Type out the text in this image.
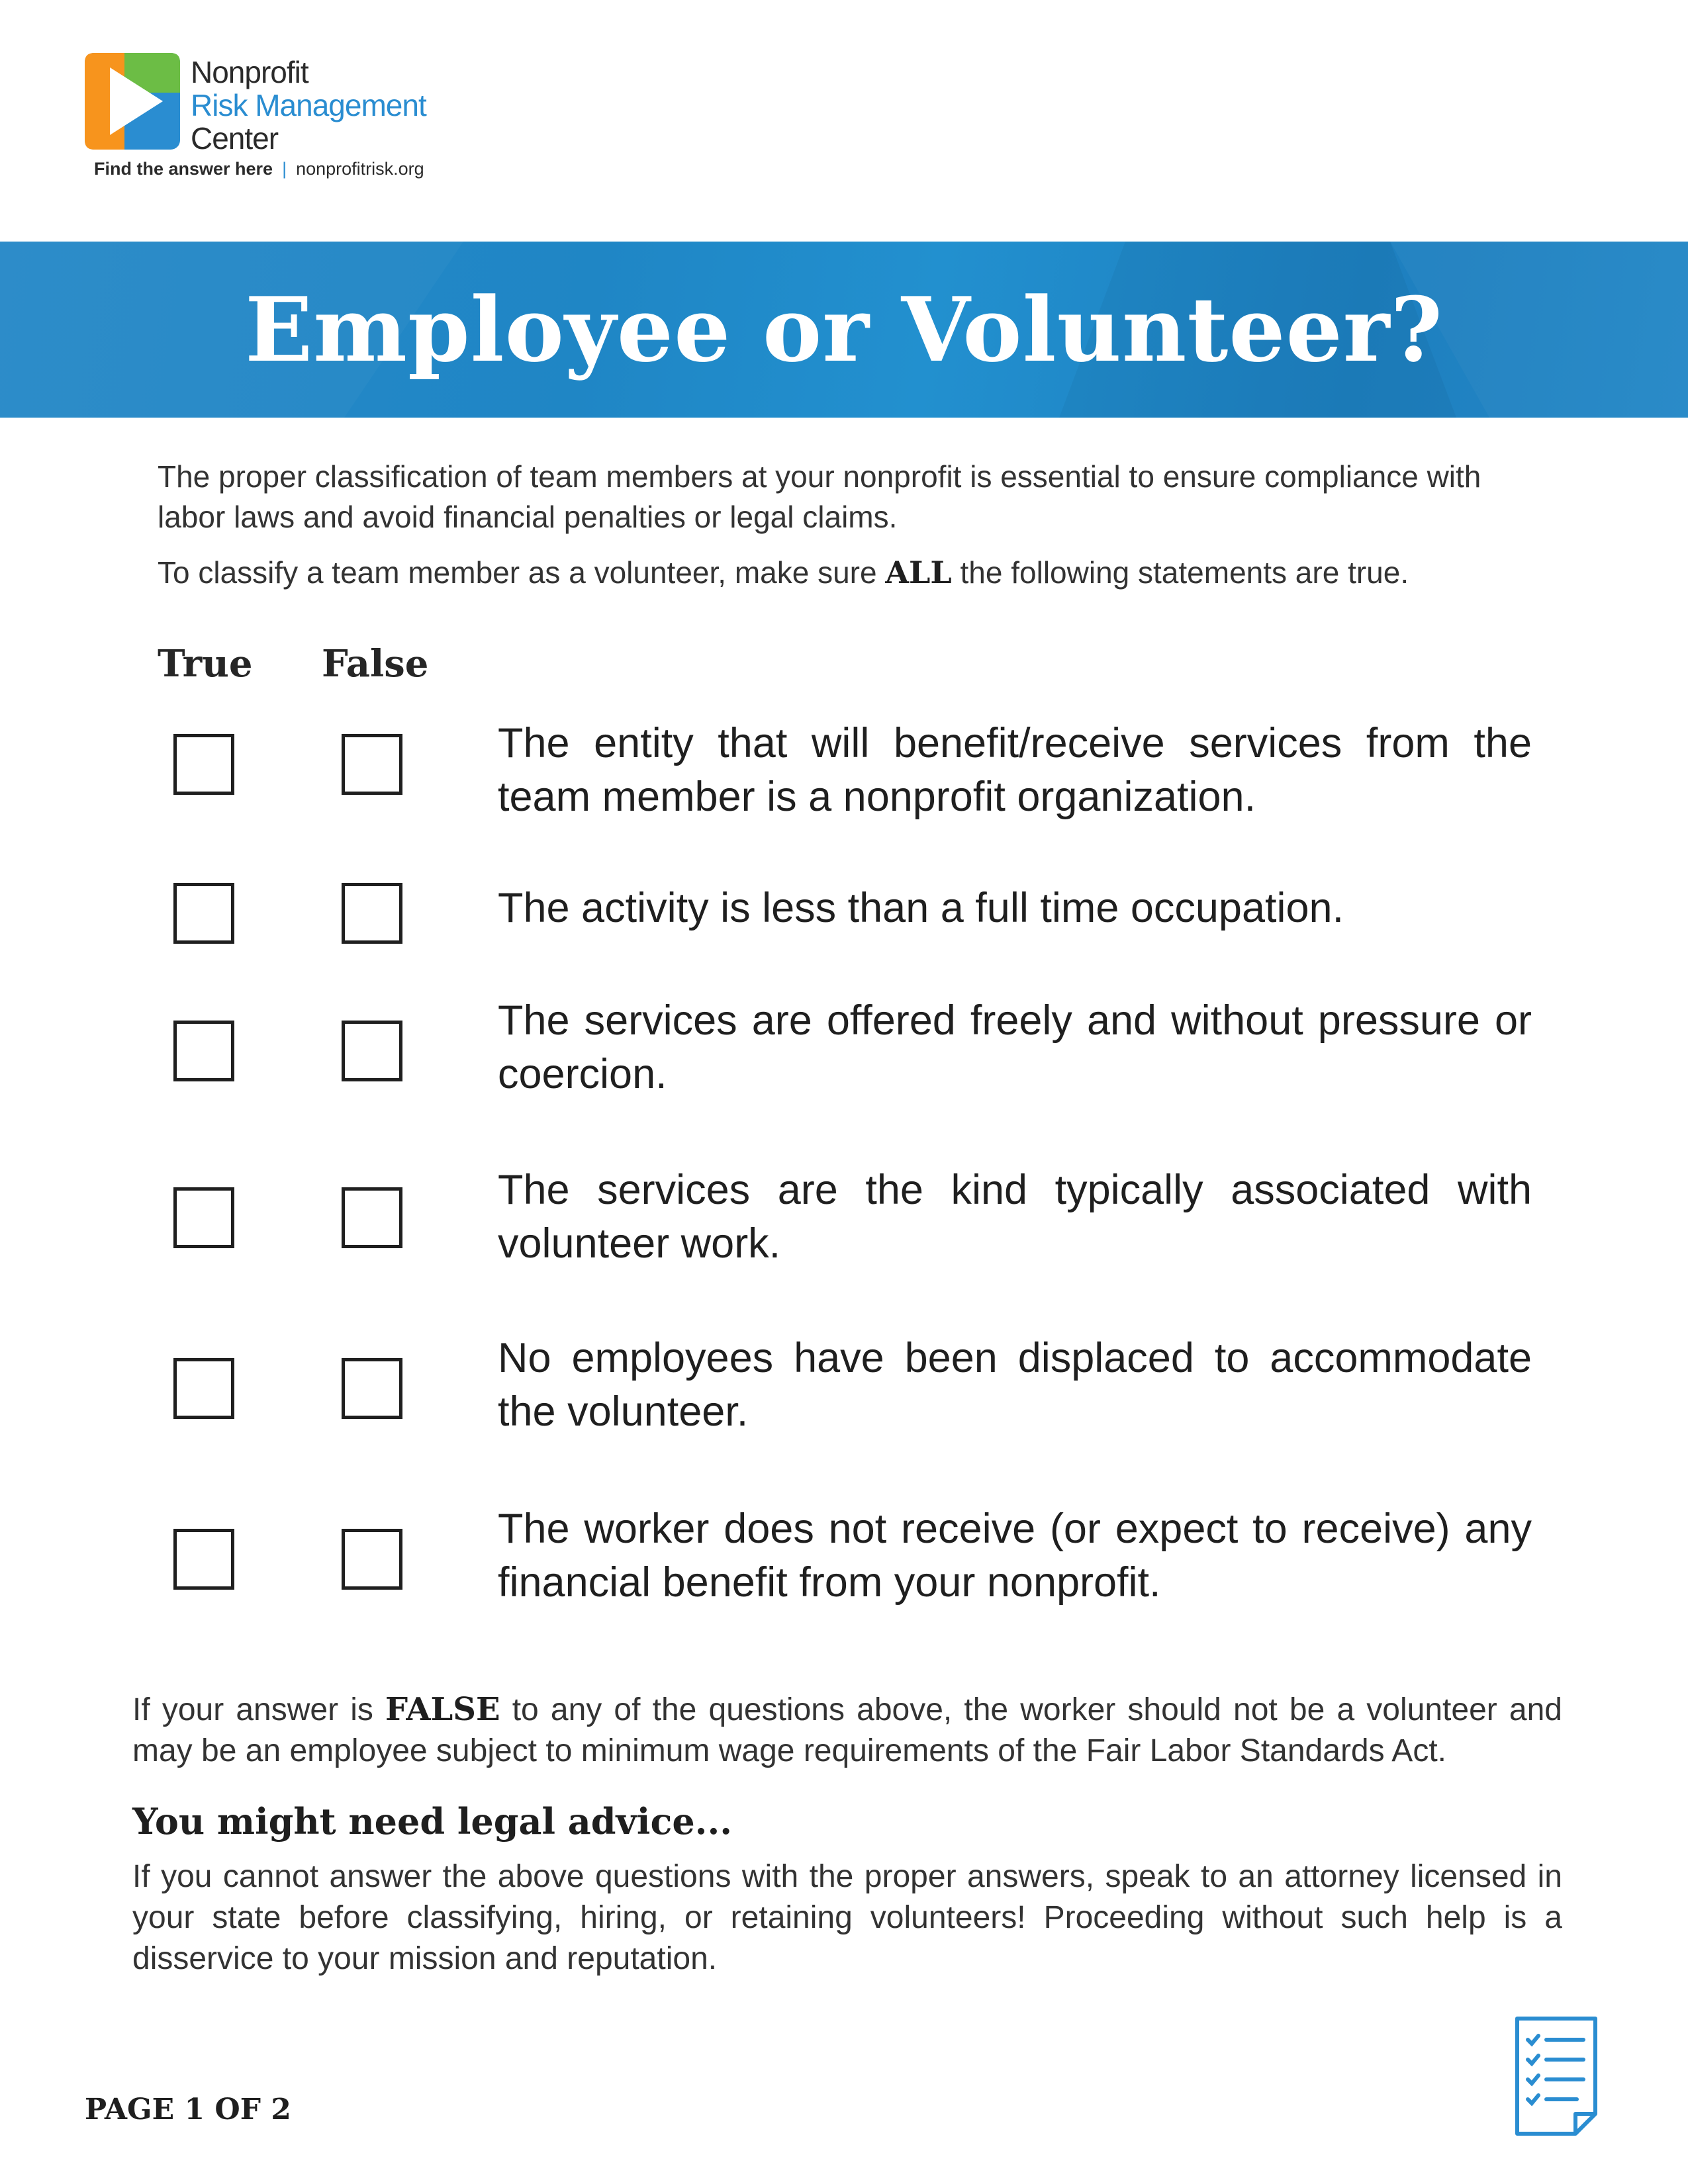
Nonprofit
Risk Management
Center
Find the answer here | nonprofitrisk.org
Employee or Volunteer?

The proper classification of team members at your nonprofit is essential to ensure compliance with labor laws and avoid financial penalties or legal claims.

To classify a team member as a volunteer, make sure ALL the following statements are true.

True False
The entity that will benefit/receive services from the team member is a nonprofit organization.
The activity is less than a full time occupation.
The services are offered freely and without pressure or coercion.
The services are the kind typically associated with volunteer work.
No employees have been displaced to accommodate the volunteer.
The worker does not receive (or expect to receive) any financial benefit from your nonprofit.
If your answer is FALSE to any of the questions above, the worker should not be a volunteer and may be an employee subject to minimum wage requirements of the Fair Labor Standards Act.
You might need legal advice...
If you cannot answer the above questions with the proper answers, speak to an attorney licensed in your state before classifying, hiring, or retaining volunteers! Proceeding without such help is a disservice to your mission and reputation.
PAGE 1 OF 2
